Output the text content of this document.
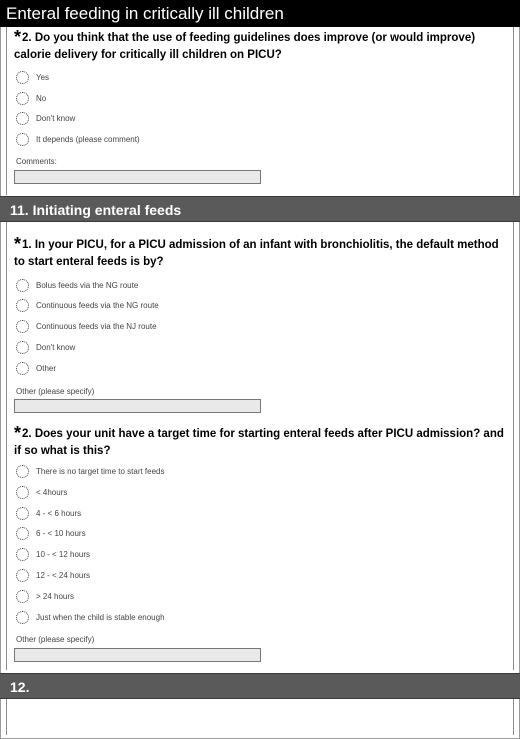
Enteral feeding in critically ill children
*2. Do you think that the use of feeding guidelines does improve (or would improve) calorie delivery for critically ill children on PICU?
Yes
No
Don't know
It depends (please comment)
Comments:
11. Initiating enteral feeds
*1. In your PICU, for a PICU admission of an infant with bronchiolitis, the default method to start enteral feeds is by?
Bolus feeds via the NG route
Continuous feeds via the NG route
Continuous feeds via the NJ route
Don't know
Other
Other (please specify)
*2. Does your unit have a target time for starting enteral feeds after PICU admission? and if so what is this?
There is no target time to start feeds
< 4hours
4 - < 6 hours
6 - < 10 hours
10 - < 12 hours
12 - < 24 hours
> 24 hours
Just when the child is stable enough
Other (please specify)
12.
